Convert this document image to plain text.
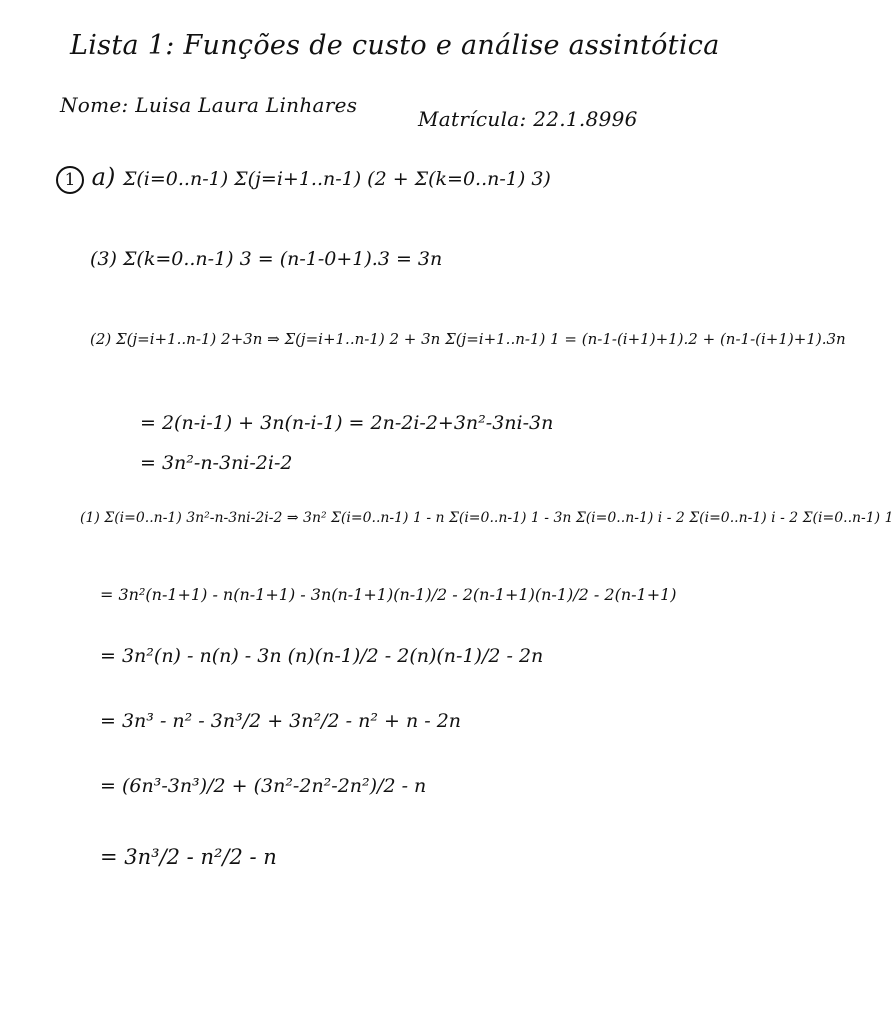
Lista 1: Funções de custo e análise assintótica
Nome: Luisa Laura Linhares
Matrícula: 22.1.8996
1 a) Σ(i=0..n-1) Σ(j=i+1..n-1) (2 + Σ(k=0..n-1) 3)
(3) Σ(k=0..n-1) 3 = (n-1-0+1).3 = 3n
(2) Σ(j=i+1..n-1) 2+3n ⇒ Σ(j=i+1..n-1) 2 + 3n Σ(j=i+1..n-1) 1 = (n-1-(i+1)+1).2 + (n-1-(i+1)+1).3n
= 2(n-i-1) + 3n(n-i-1) = 2n-2i-2+3n²-3ni-3n
= 3n²-n-3ni-2i-2
(1) Σ(i=0..n-1) 3n²-n-3ni-2i-2 ⇒ 3n² Σ(i=0..n-1) 1 - n Σ(i=0..n-1) 1 - 3n Σ(i=0..n-1) i - 2 Σ(i=0..n-1) i - 2 Σ(i=0..n-1) 1
= 3n²(n-1+1) - n(n-1+1) - 3n(n-1+1)(n-1)/2 - 2(n-1+1)(n-1)/2 - 2(n-1+1)
= 3n²(n) - n(n) - 3n (n)(n-1)/2 - 2(n)(n-1)/2 - 2n
= 3n³ - n² - 3n³/2 + 3n²/2 - n² + n - 2n
= (6n³-3n³)/2 + (3n²-2n²-2n²)/2 - n
= 3n³/2 - n²/2 - n
